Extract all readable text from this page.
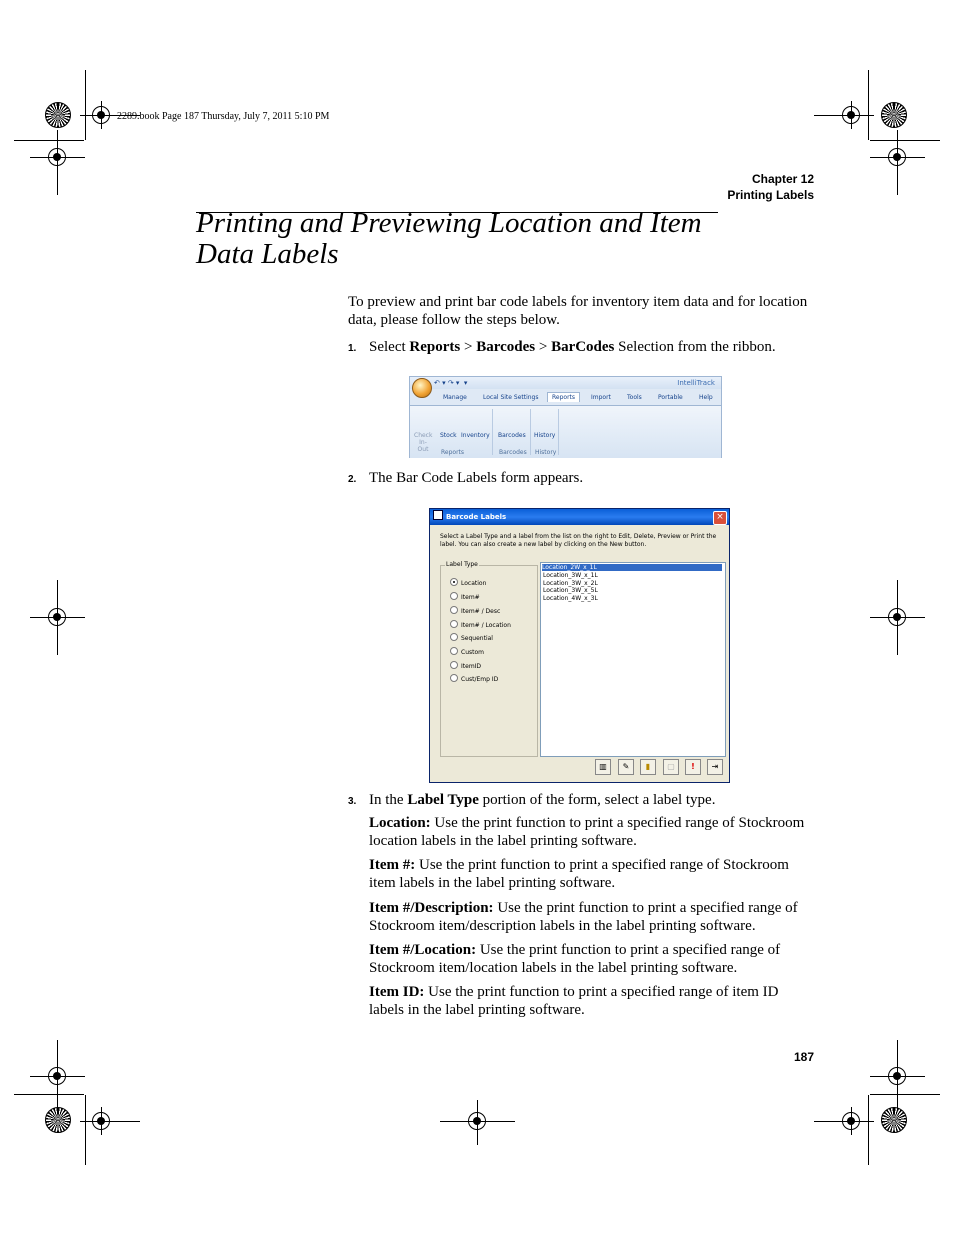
2289.book Page 187 Thursday, July 7, 2011 5:10 PM
Chapter 12
Printing Labels
Printing and Previewing Location and Item
Data Labels
To preview and print bar code labels for inventory item data and for location data, please follow the steps below.
1. Select Reports > Barcodes > BarCodes Selection from the ribbon.
↶ ▾ ↷ ▾  ▾	IntelliTrack
Manage	Local Site Settings	Reports	Import	Tools	Portable	Help
Check In-Out
Stock Inventory Barcodes History
Reports	Barcodes History
2. The Bar Code Labels form appears.
Barcode Labels	×
Select a Label Type and a label from the list on the right to Edit, Delete, Preview or Print the label. You can also create a new label by clicking on the New button.
Label Type
Location
Item#
Item# / Desc
Item# / Location
Sequential
Custom
ItemID
Cust/Emp ID
Location_2W_x_1L
Location_3W_x_1L
Location_3W_x_2L
Location_3W_x_5L
Location_4W_x_3L
▥	✎	▮	▢	!	⇥
3. In the Label Type portion of the form, select a label type.
Location: Use the print function to print a specified range of Stockroom location labels in the label printing software.
Item #: Use the print function to print a specified range of Stockroom item labels in the label printing software.
Item #/Description: Use the print function to print a specified range of Stockroom item/description labels in the label printing software.
Item #/Location: Use the print function to print a specified range of Stockroom item/location labels in the label printing software.
Item ID: Use the print function to print a specified range of item ID labels in the label printing software.
187
